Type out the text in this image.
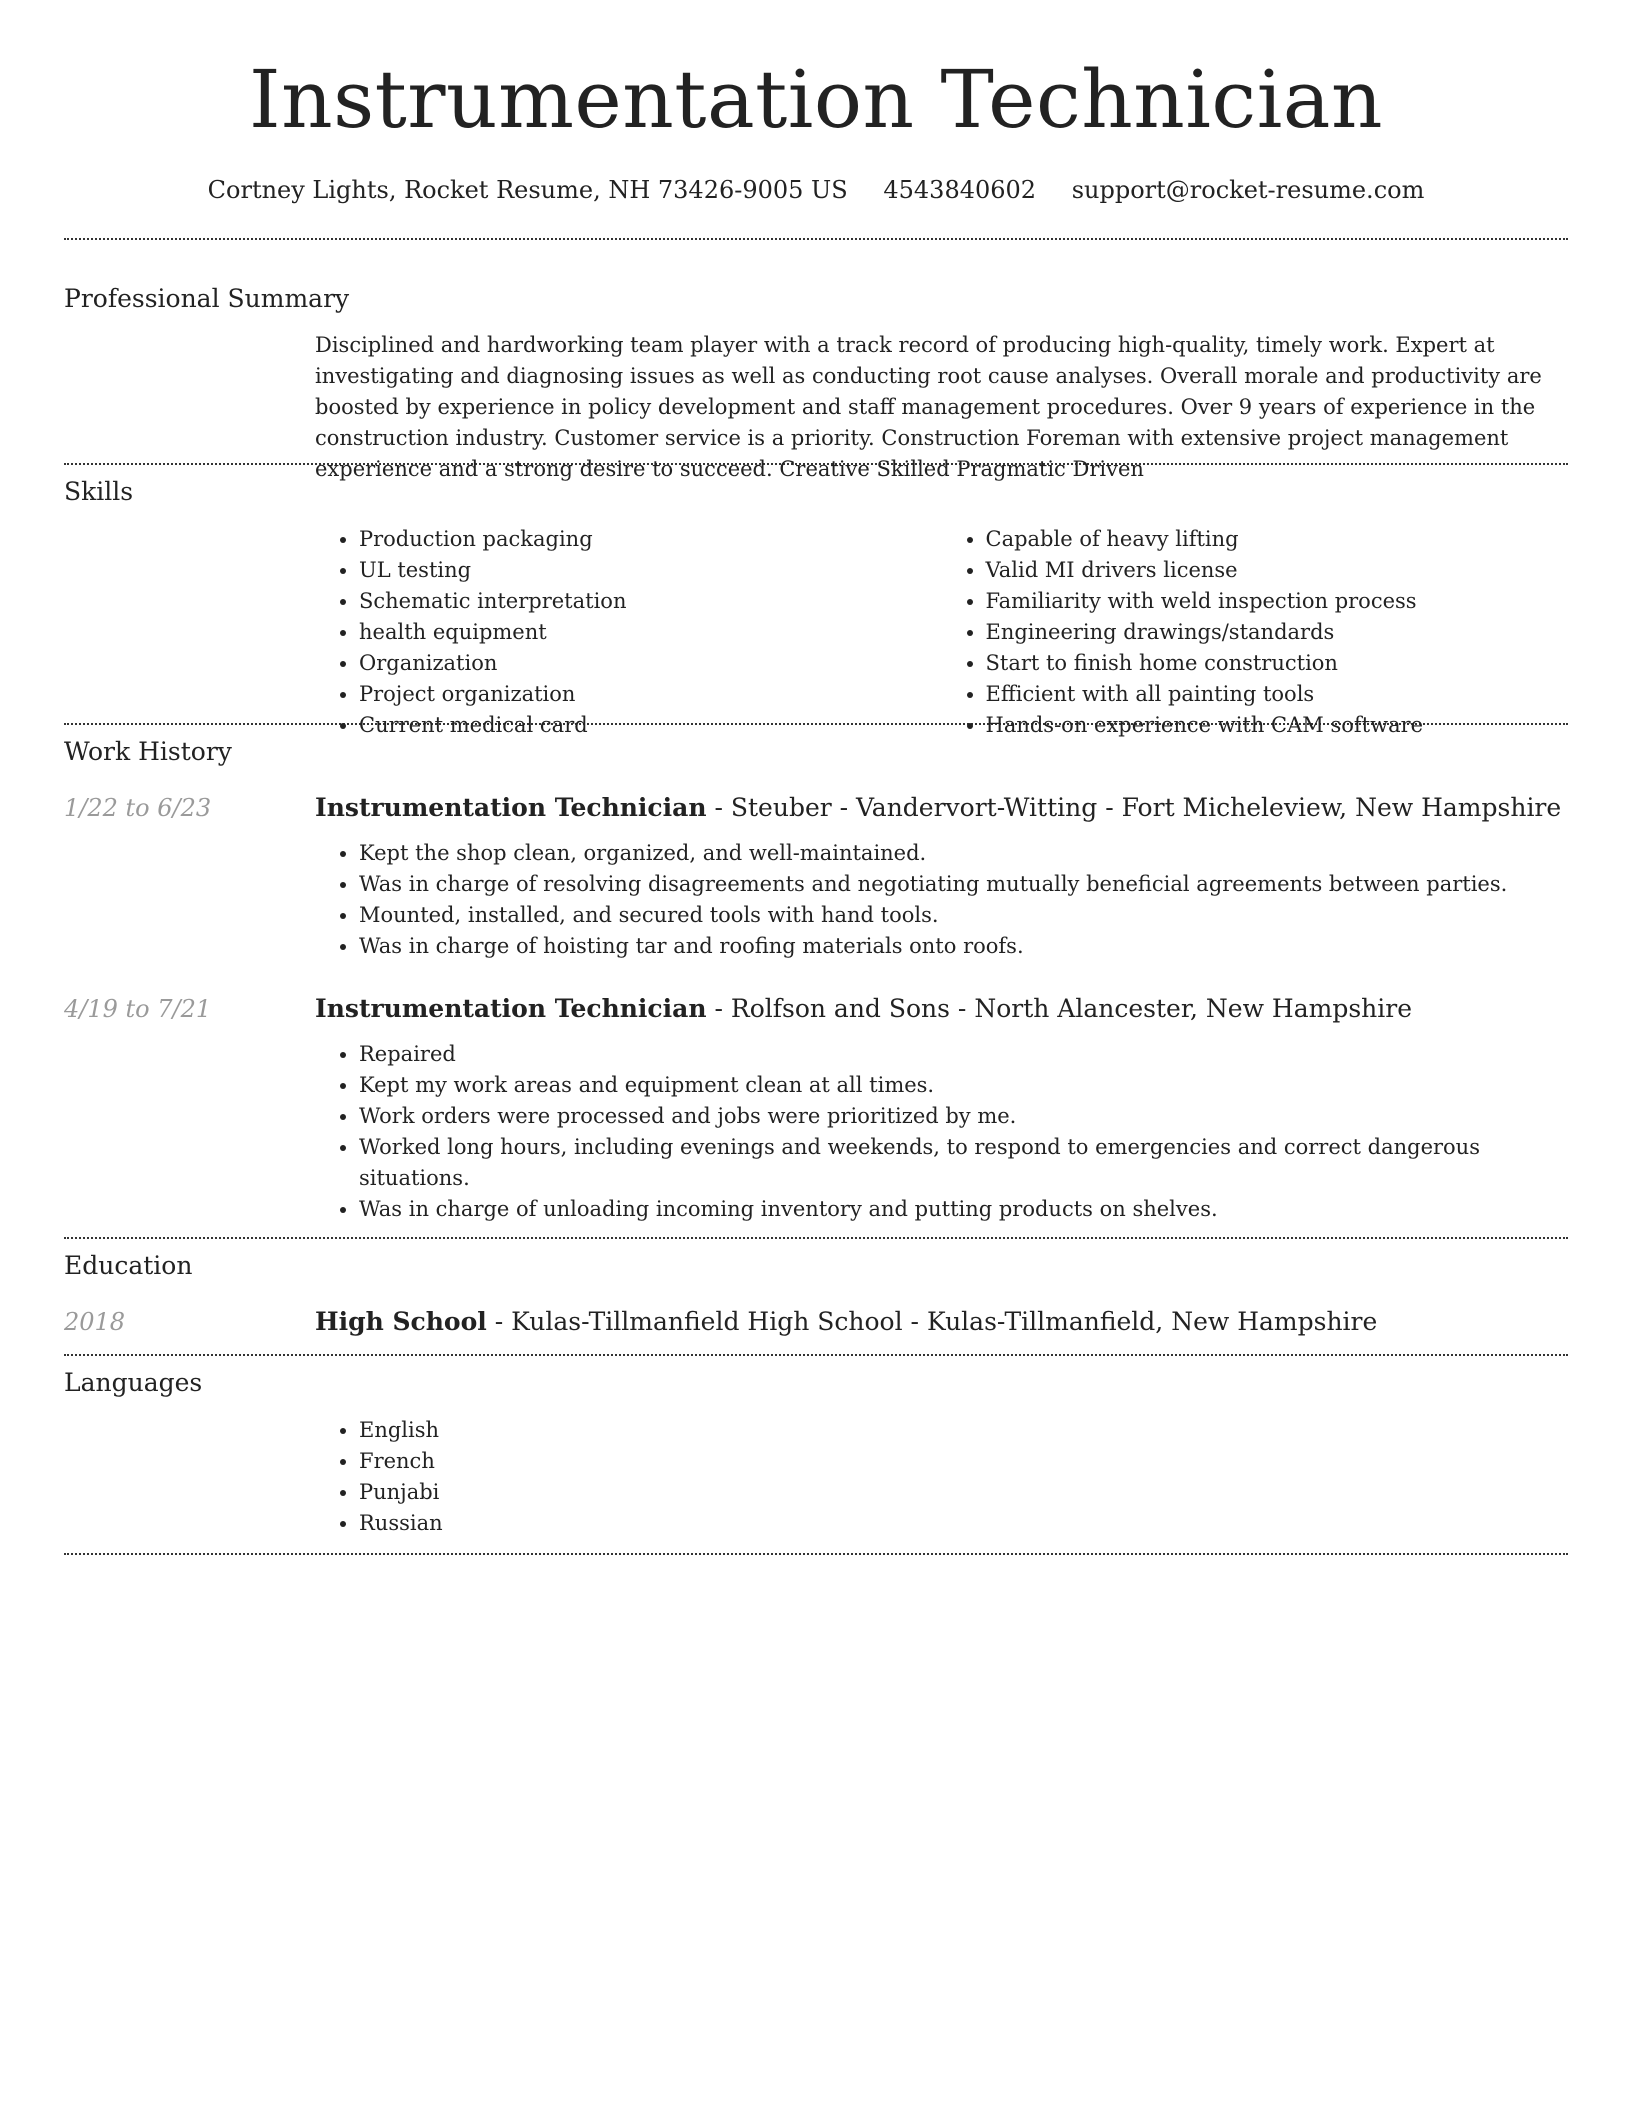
Instrumentation Technician
Cortney Lights, Rocket Resume, NH 73426-9005 US 4543840602 support@rocket-resume.com
Professional Summary

Disciplined and hardworking team player with a track record of producing high-quality, timely work. Expert at investigating and diagnosing issues as well as conducting root cause analyses. Overall morale and productivity are boosted by experience in policy development and staff management procedures. Over 9 years of experience in the construction industry. Customer service is a priority. Construction Foreman with extensive project management experience and a strong desire to succeed. Creative Skilled Pragmatic Driven

Skills
• Production packaging
• UL testing
• Schematic interpretation
• health equipment
• Organization
• Project organization
• Current medical card
• Capable of heavy lifting
• Valid MI drivers license
• Familiarity with weld inspection process
• Engineering drawings/standards
• Start to finish home construction
• Efficient with all painting tools
• Hands-on experience with CAM software
Work History
1/22 to 6/23	Instrumentation Technician - Steuber - Vandervort-Witting - Fort Micheleview, New Hampshire
• Kept the shop clean, organized, and well-maintained.
• Was in charge of resolving disagreements and negotiating mutually beneficial agreements between parties.
• Mounted, installed, and secured tools with hand tools.
• Was in charge of hoisting tar and roofing materials onto roofs.
4/19 to 7/21	Instrumentation Technician - Rolfson and Sons - North Alancester, New Hampshire
• Repaired
• Kept my work areas and equipment clean at all times.
• Work orders were processed and jobs were prioritized by me.
• Worked long hours, including evenings and weekends, to respond to emergencies and correct dangerous situations.
• Was in charge of unloading incoming inventory and putting products on shelves.
Education
2018	High School - Kulas-Tillmanfield High School - Kulas-Tillmanfield, New Hampshire
Languages
• English
• French
• Punjabi
• Russian
